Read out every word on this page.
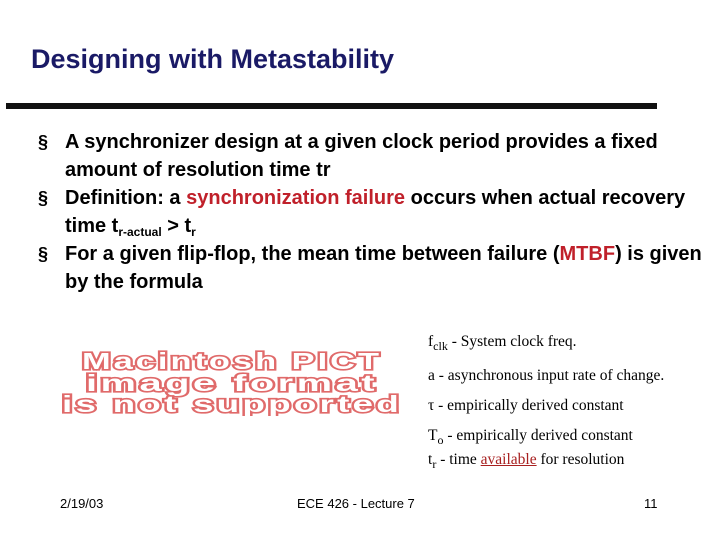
Designing with Metastability
§ A synchronizer design at a given clock period provides a fixed amount of resolution time tr
§ Definition: a synchronization failure occurs when actual recovery time $t_{r-actual} > t_r$
§ For a given flip-flop, the mean time between failure (MTBF) is given by the formula
Macintosh PICT
image format
is not supported
$f_{clk}$ - System clock freq.
a - asynchronous input rate of change.
τ - empirically derived constant
$T_o$ - empirically derived constant
$t_r$ - time available for resolution
2/19/03	ECE 426 - Lecture 7	11
